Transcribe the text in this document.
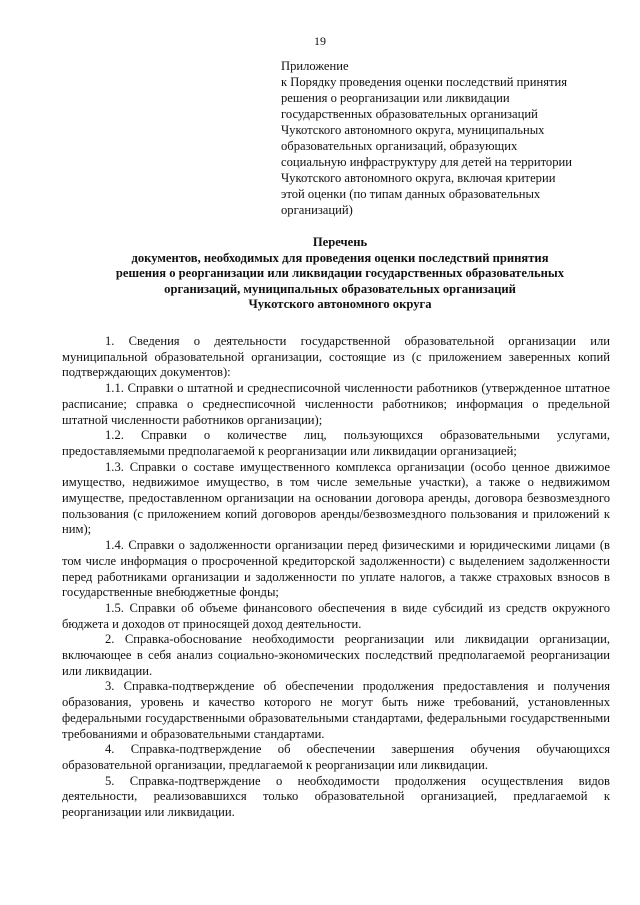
19
Приложение
к Порядку проведения оценки последствий принятия
решения о реорганизации или ликвидации
государственных образовательных организаций
Чукотского автономного округа, муниципальных
образовательных организаций, образующих
социальную инфраструктуру для детей на территории
Чукотского автономного округа, включая критерии
этой оценки (по типам данных образовательных
организаций)
Перечень
документов, необходимых для проведения оценки последствий принятия
решения о реорганизации или ликвидации государственных образовательных
организаций, муниципальных образовательных организаций
Чукотского автономного округа

1. Сведения о деятельности государственной образовательной организации или муниципальной образовательной организации, состоящие из (с приложением заверенных копий подтверждающих документов):

1.1. Справки о штатной и среднесписочной численности работников (утвержденное штатное расписание; справка о среднесписочной численности работников; информация о предельной штатной численности работников организации);

1.2. Справки о количестве лиц, пользующихся образовательными услугами, предоставляемыми предполагаемой к реорганизации или ликвидации организацией;

1.3. Справки о составе имущественного комплекса организации (особо ценное движимое имущество, недвижимое имущество, в том числе земельные участки), а также о недвижимом имуществе, предоставленном организации на основании договора аренды, договора безвозмездного пользования (с приложением копий договоров аренды/безвозмездного пользования и приложений к ним);

1.4. Справки о задолженности организации перед физическими и юридическими лицами (в том числе информация о просроченной кредиторской задолженности) с выделением задолженности перед работниками организации и задолженности по уплате налогов, а также страховых взносов в государственные внебюджетные фонды;

1.5. Справки об объеме финансового обеспечения в виде субсидий из средств окружного бюджета и доходов от приносящей доход деятельности.

2. Справка-обоснование необходимости реорганизации или ликвидации организации, включающее в себя анализ социально-экономических последствий предполагаемой реорганизации или ликвидации.

3. Справка-подтверждение об обеспечении продолжения предоставления и получения образования, уровень и качество которого не могут быть ниже требований, установленных федеральными государственными образовательными стандартами, федеральными государственными требованиями и образовательными стандартами.

4. Справка-подтверждение об обеспечении завершения обучения обучающихся образовательной организации, предлагаемой к реорганизации или ликвидации.

5. Справка-подтверждение о необходимости продолжения осуществления видов деятельности, реализовавшихся только образовательной организацией, предлагаемой к реорганизации или ликвидации.
